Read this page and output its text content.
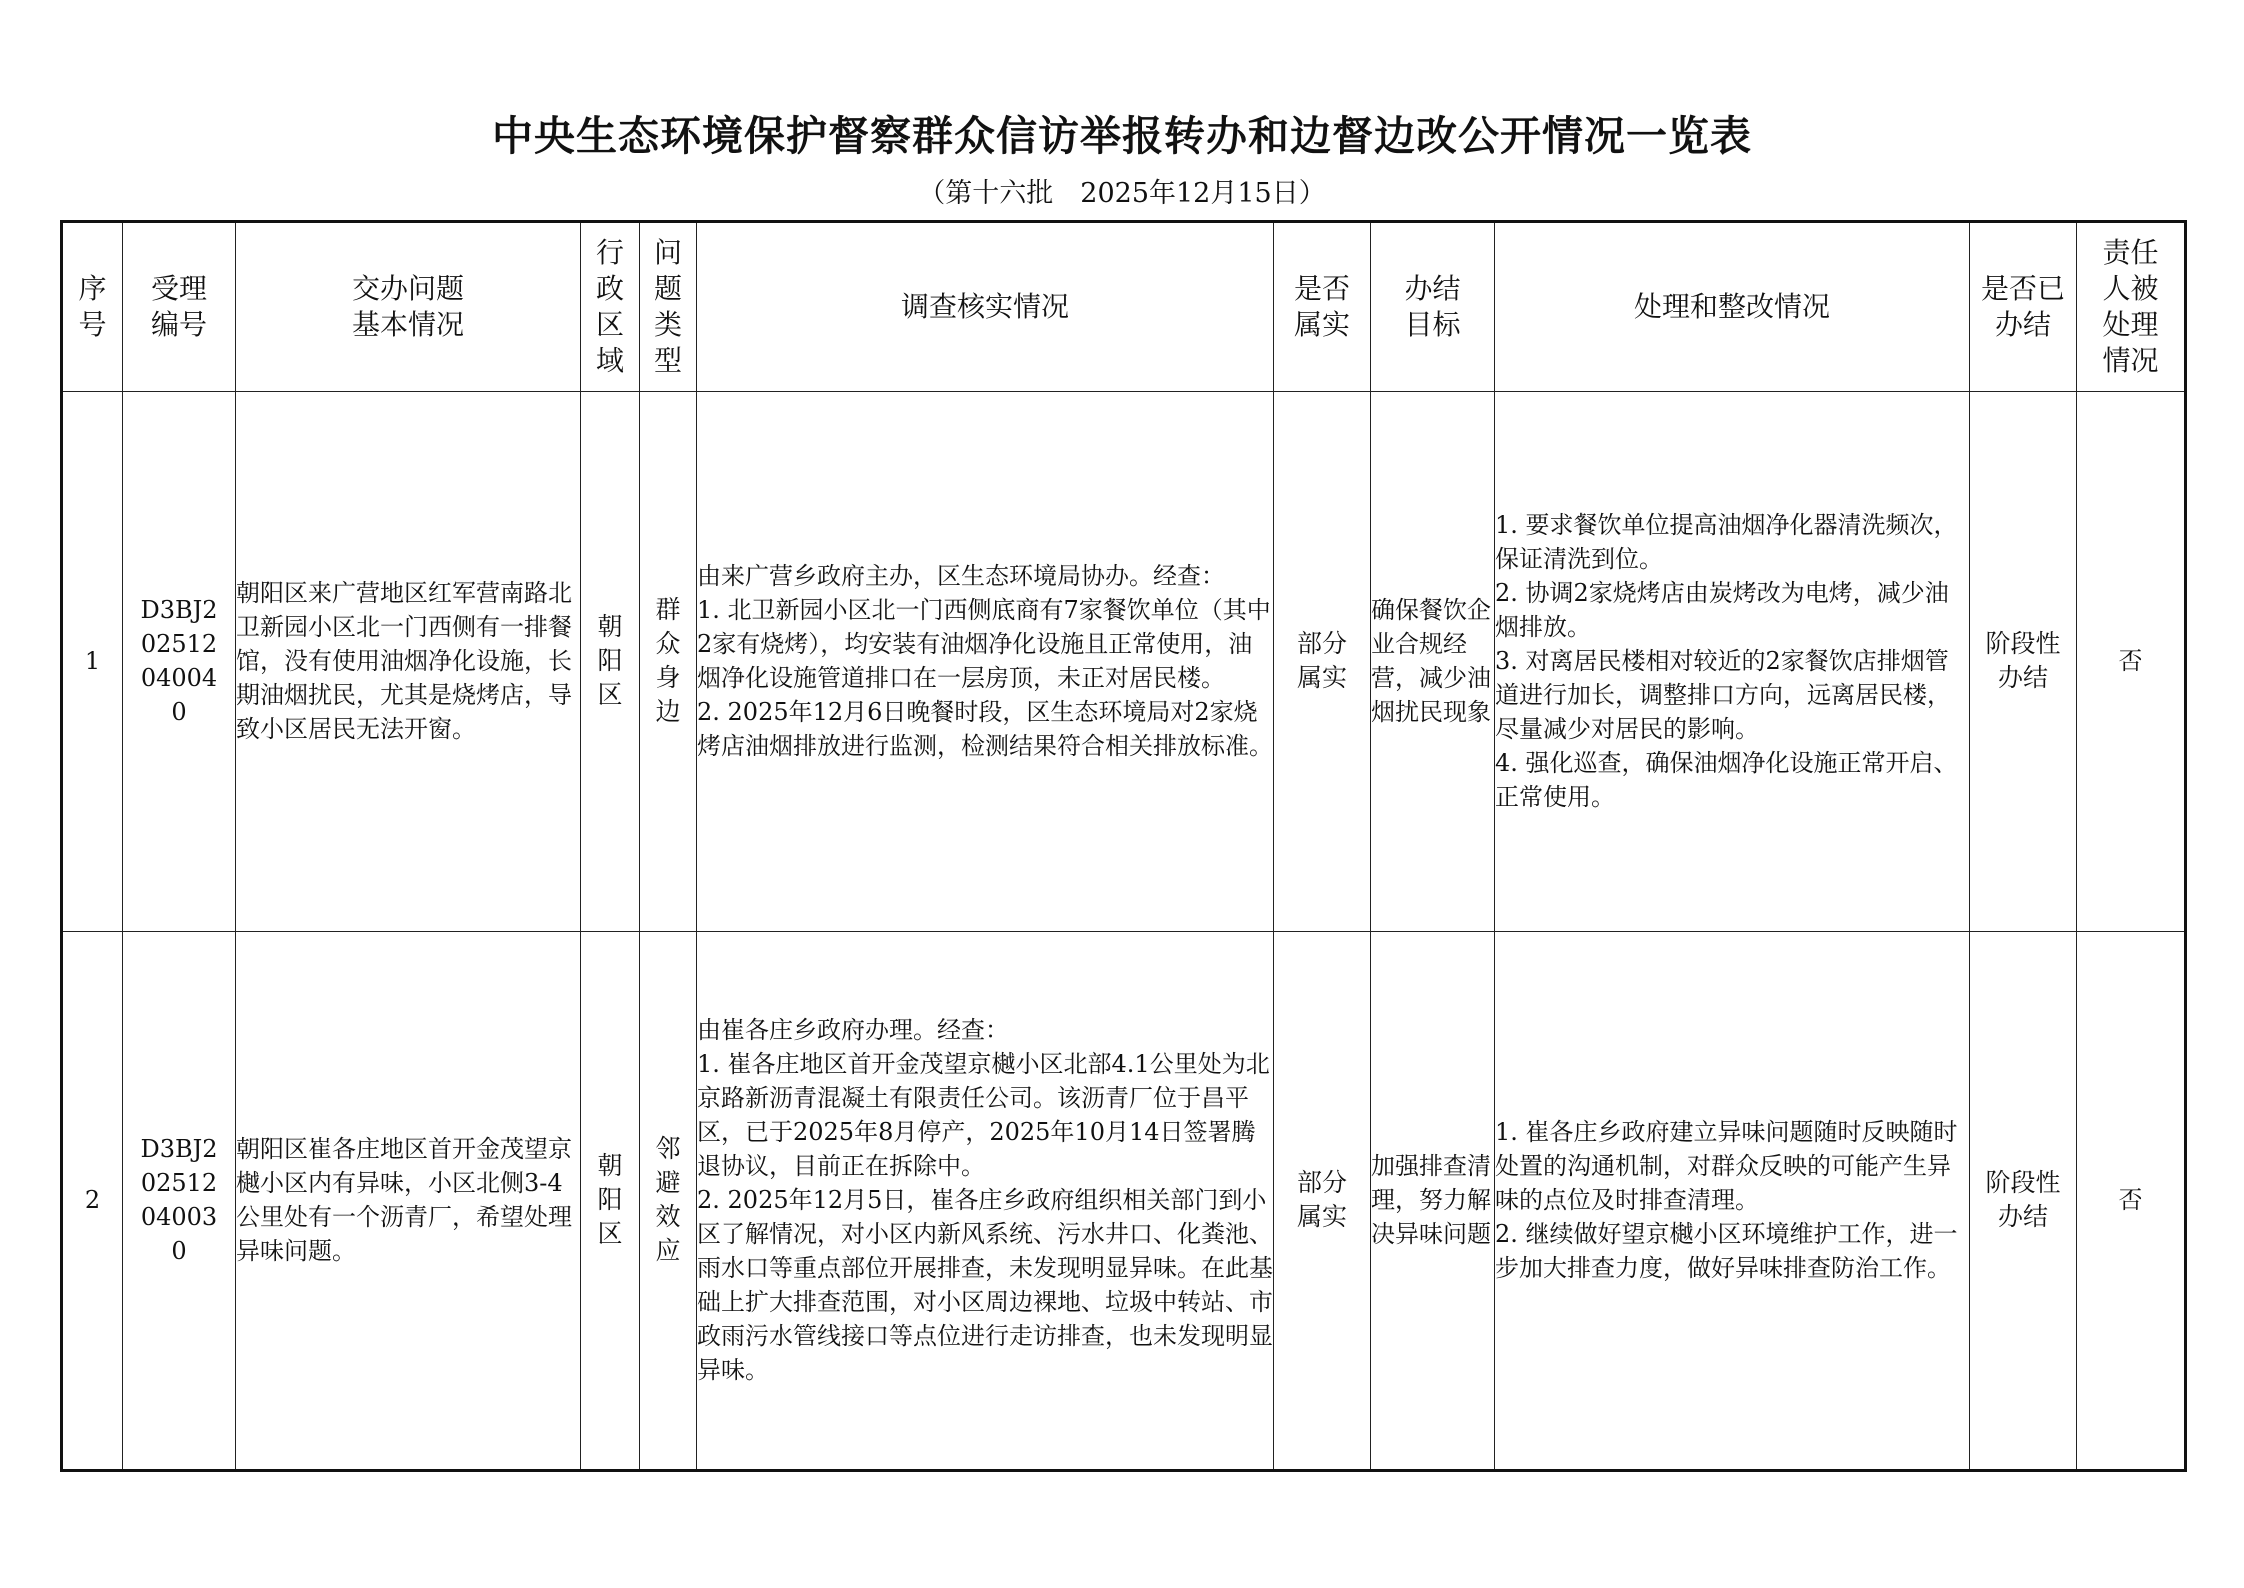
中央生态环境保护督察群众信访举报转办和边督边改公开情况一览表
（第十六批　2025年12月15日）
序号	受理编号	交办问题基本情况	行政区域	问题类型	调查核实情况	是否属实	办结目标	处理和整改情况	是否已办结	责任人被处理情况
1	D3BJ202512040040	朝阳区来广营地区红军营南路北卫新园小区北一门西侧有一排餐馆，没有使用油烟净化设施，长期油烟扰民，尤其是烧烤店，导致小区居民无法开窗。	朝阳区	群众身边	由来广营乡政府主办，区生态环境局协办。经查：
1. 北卫新园小区北一门西侧底商有7家餐饮单位（其中2家有烧烤），均安装有油烟净化设施且正常使用，油烟净化设施管道排口在一层房顶，未正对居民楼。
2. 2025年12月6日晚餐时段，区生态环境局对2家烧烤店油烟排放进行监测，检测结果符合相关排放标准。	部分属实	确保餐饮企业合规经营，减少油烟扰民现象	1. 要求餐饮单位提高油烟净化器清洗频次，保证清洗到位。
2. 协调2家烧烤店由炭烤改为电烤，减少油烟排放。
3. 对离居民楼相对较近的2家餐饮店排烟管道进行加长，调整排口方向，远离居民楼，尽量减少对居民的影响。
4. 强化巡查，确保油烟净化设施正常开启、正常使用。	阶段性办结	否
2	D3BJ202512040030	朝阳区崔各庄地区首开金茂望京樾小区内有异味，小区北侧3-4公里处有一个沥青厂，希望处理异味问题。	朝阳区	邻避效应	由崔各庄乡政府办理。经查：
1. 崔各庄地区首开金茂望京樾小区北部4.1公里处为北京路新沥青混凝土有限责任公司。该沥青厂位于昌平区，已于2025年8月停产，2025年10月14日签署腾退协议，目前正在拆除中。
2. 2025年12月5日，崔各庄乡政府组织相关部门到小区了解情况，对小区内新风系统、污水井口、化粪池、雨水口等重点部位开展排查，未发现明显异味。在此基础上扩大排查范围，对小区周边裸地、垃圾中转站、市政雨污水管线接口等点位进行走访排查，也未发现明显异味。	部分属实	加强排查清理，努力解决异味问题	1. 崔各庄乡政府建立异味问题随时反映随时处置的沟通机制，对群众反映的可能产生异味的点位及时排查清理。
2. 继续做好望京樾小区环境维护工作，进一步加大排查力度，做好异味排查防治工作。	阶段性办结	否
